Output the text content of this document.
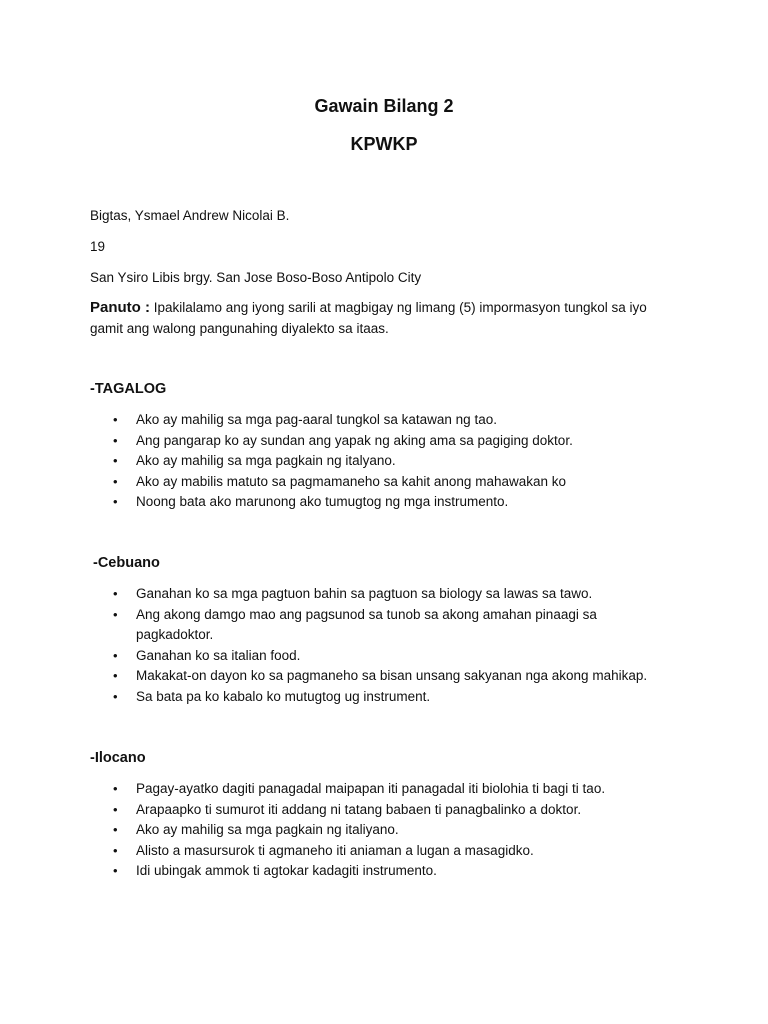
Gawain Bilang 2
KPWKP

Bigtas, Ysmael Andrew Nicolai B.

19

San Ysiro Libis brgy. San Jose Boso-Boso Antipolo City

Panuto : Ipakilalamo ang iyong sarili at magbigay ng limang (5) impormasyon tungkol sa iyo gamit ang walong pangunahing diyalekto sa itaas.

-TAGALOG
• Ako ay mahilig sa mga pag-aaral tungkol sa katawan ng tao.
• Ang pangarap ko ay sundan ang yapak ng aking ama sa pagiging doktor.
• Ako ay mahilig sa mga pagkain ng italyano.
• Ako ay mabilis matuto sa pagmamaneho sa kahit anong mahawakan ko
• Noong bata ako marunong ako tumugtog ng mga instrumento.
-Cebuano
• Ganahan ko sa mga pagtuon bahin sa pagtuon sa biology sa lawas sa tawo.
• Ang akong damgo mao ang pagsunod sa tunob sa akong amahan pinaagi sa pagkadoktor.
• Ganahan ko sa italian food.
• Makakat-on dayon ko sa pagmaneho sa bisan unsang sakyanan nga akong mahikap.
• Sa bata pa ko kabalo ko mutugtog ug instrument.
-Ilocano
• Pagay-ayatko dagiti panagadal maipapan iti panagadal iti biolohia ti bagi ti tao.
• Arapaapko ti sumurot iti addang ni tatang babaen ti panagbalinko a doktor.
• Ako ay mahilig sa mga pagkain ng italiyano.
• Alisto a masursurok ti agmaneho iti aniaman a lugan a masagidko.
• Idi ubingak ammok ti agtokar kadagiti instrumento.
